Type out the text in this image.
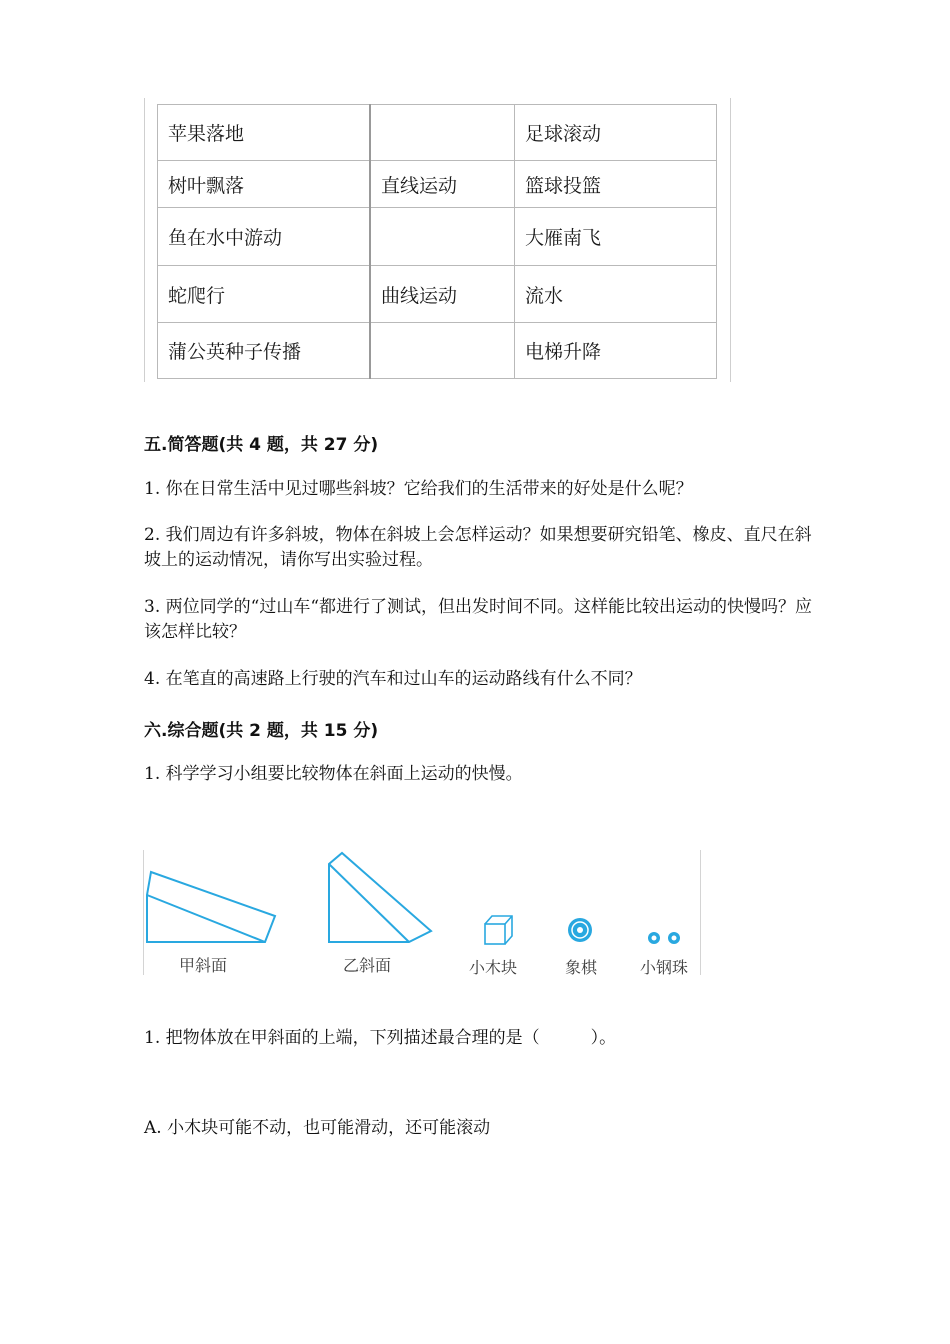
苹果落地		足球滚动
树叶飘落	直线运动	篮球投篮
鱼在水中游动		大雁南飞
蛇爬行	曲线运动	流水
蒲公英种子传播		电梯升降
五.简答题(共 4 题，共 27 分)
1. 你在日常生活中见过哪些斜坡？它给我们的生活带来的好处是什么呢？
2. 我们周边有许多斜坡，物体在斜坡上会怎样运动？如果想要研究铅笔、橡皮、直尺在斜坡上的运动情况，请你写出实验过程。
3. 两位同学的“过山车“都进行了测试，但出发时间不同。这样能比较出运动的快慢吗？应该怎样比较？
4. 在笔直的高速路上行驶的汽车和过山车的运动路线有什么不同？
六.综合题(共 2 题，共 15 分)
1. 科学学习小组要比较物体在斜面上运动的快慢。
甲斜面	乙斜面	小木块	象棋	小钢珠
1. 把物体放在甲斜面的上端，下列描述最合理的是（　　　）。
A. 小木块可能不动，也可能滑动，还可能滚动
